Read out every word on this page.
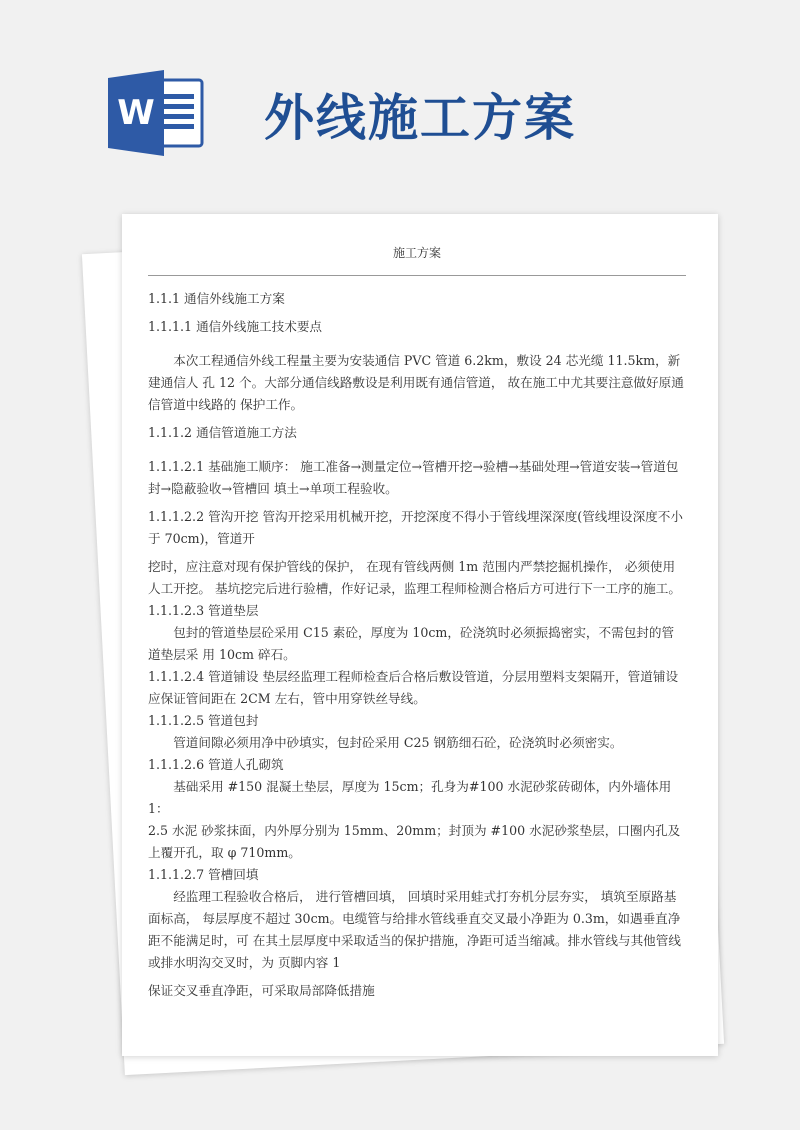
W 外线施工方案
施工方案

1.1.1 通信外线施工方案

1.1.1.1 通信外线施工技术要点

本次工程通信外线工程量主要为安装通信 PVC 管道 6.2km，敷设 24 芯光缆 11.5km，新建通信人 孔 12 个。大部分通信线路敷设是利用既有通信管道， 故在施工中尤其要注意做好原通信管道中线路的 保护工作。

1.1.1.2 通信管道施工方法

1.1.1.2.1 基础施工顺序： 施工准备→测量定位→管槽开挖→验槽→基础处理→管道安装→管道包封→隐蔽验收→管槽回 填土→单项工程验收。

1.1.1.2.2 管沟开挖 管沟开挖采用机械开挖，开挖深度不得小于管线埋深深度(管线埋设深度不小于 70cm)，管道开

挖时，应注意对现有保护管线的保护， 在现有管线两侧 1m 范围内严禁挖掘机操作， 必须使用人工开挖。 基坑挖完后进行验槽，作好记录，监理工程师检测合格后方可进行下一工序的施工。

1.1.1.2.3 管道垫层

包封的管道垫层砼采用 C15 素砼，厚度为 10cm，砼浇筑时必须振捣密实，不需包封的管道垫层采 用 10cm 碎石。

1.1.1.2.4 管道铺设 垫层经监理工程师检查后合格后敷设管道，分层用塑料支架隔开，管道铺设应保证管间距在 2CM 左右，管中用穿铁丝导线。

1.1.1.2.5 管道包封

管道间隙必须用净中砂填实，包封砼采用 C25 钢筋细石砼，砼浇筑时必须密实。

1.1.1.2.6 管道人孔砌筑

基础采用 #150 混凝土垫层，厚度为 15cm；孔身为#100 水泥砂浆砖砌体，内外墙体用 1：

2.5 水泥 砂浆抹面，内外厚分别为 15mm、20mm；封顶为 #100 水泥砂浆垫层，口圈内孔及上覆开孔，取 φ 710mm。

1.1.1.2.7 管槽回填

经监理工程验收合格后， 进行管槽回填， 回填时采用蛙式打夯机分层夯实， 填筑至原路基面标高， 每层厚度不超过 30cm。电缆管与给排水管线垂直交叉最小净距为 0.3m，如遇垂直净距不能满足时，可 在其土层厚度中采取适当的保护措施，净距可适当缩减。排水管线与其他管线或排水明沟交叉时，为 页脚内容 1

保证交叉垂直净距，可采取局部降低措施
